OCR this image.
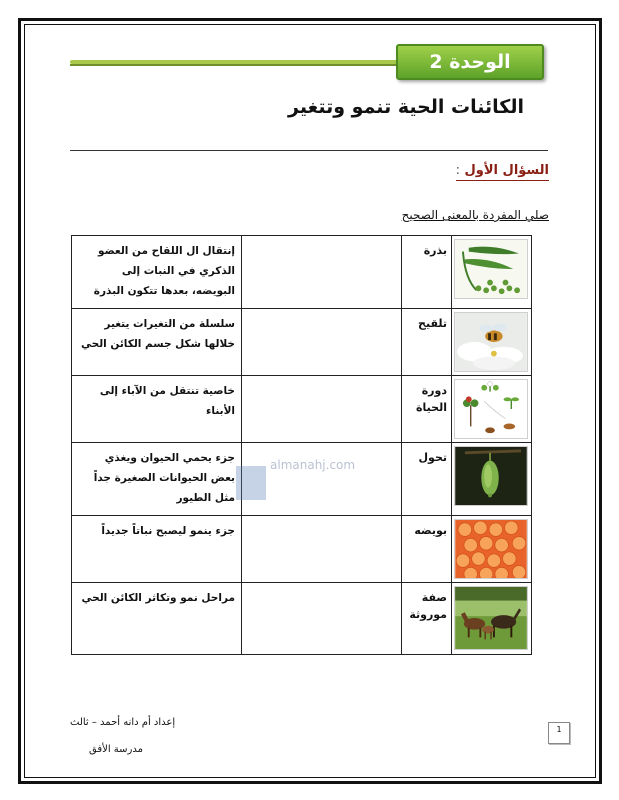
الوحدة 2
الكائنات الحية تنمو وتتغير
السؤال الأول :
صلي المفردة بالمعنى الصحيح
	بذرة		إنتقال ال اللقاح من العضو الذكري في النبات إلى البويضه، بعدها تتكون البذرة

	تلقيح		سلسلة من التغيرات يتغير خلالها شكل جسم الكائن الحي

	دورة الحياة		خاصية تنتقل من الآباء إلى الأبناء

	تحول		جزء يحمي الحيوان ويغذي بعض الحيوانات الصغيرة جداً مثل الطيور

	بويضه		جزء ينمو ليصبح نباتاً جديداً

	صفة موروثة		مراحل نمو وتكاثر الكائن الحي
almanahj.com
1
إعداد أم دانه أحمد – ثالث
مدرسة الأفق
